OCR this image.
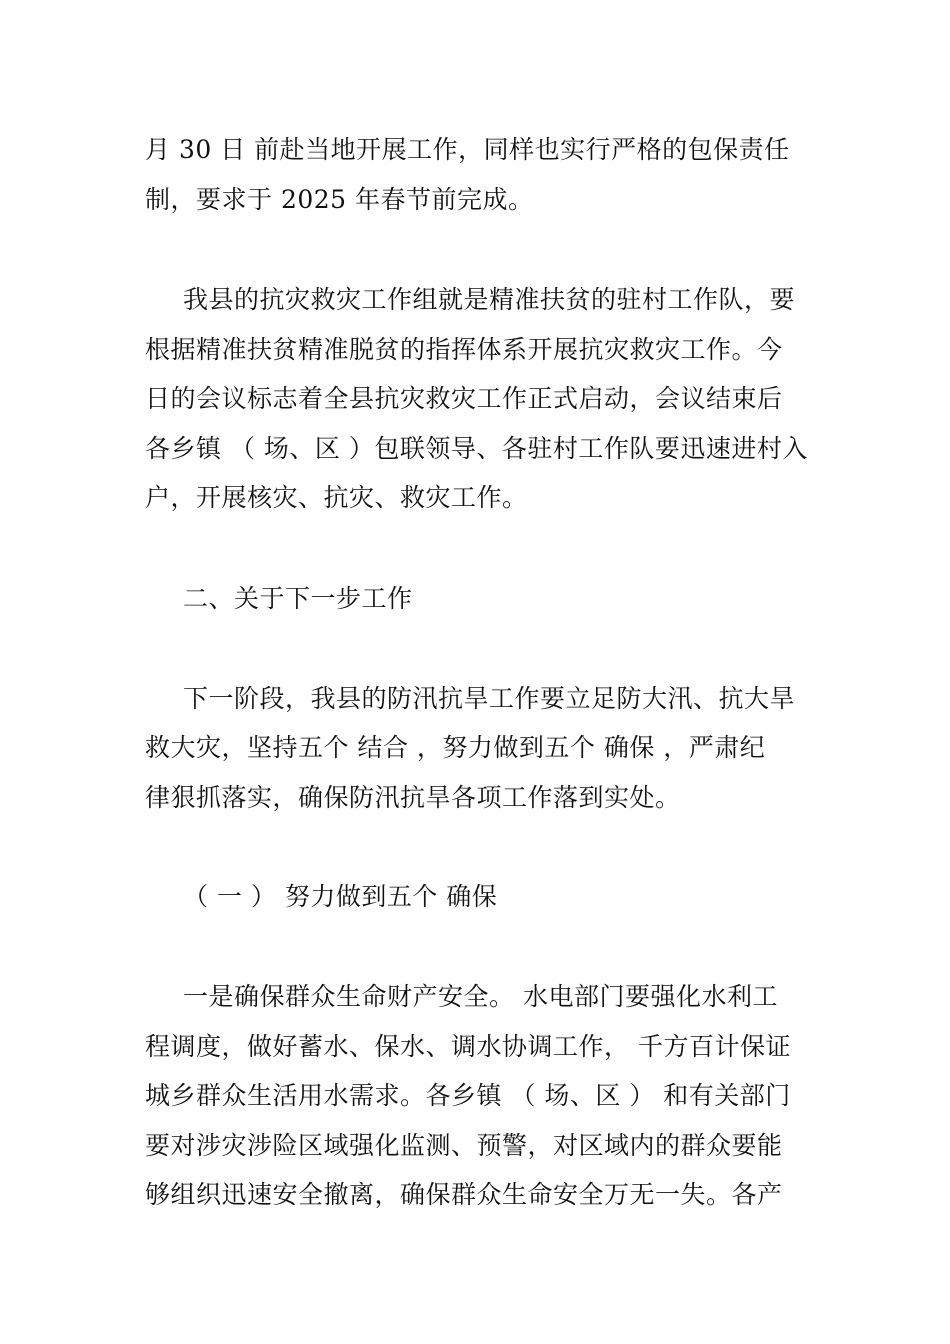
月 30 日 前赴当地开展工作，同样也实行严格的包保责任
制，要求于 2025 年春节前完成。
我县的抗灾救灾工作组就是精准扶贫的驻村工作队，要
根据精准扶贫精准脱贫的指挥体系开展抗灾救灾工作。今
日的会议标志着全县抗灾救灾工作正式启动，会议结束后
各乡镇 （ 场、区 ）包联领导、各驻村工作队要迅速进村入
户，开展核灾、抗灾、救灾工作。
二、关于下一步工作
下一阶段，我县的防汛抗旱工作要立足防大汛、抗大旱
救大灾，坚持五个 结合 ，努力做到五个 确保 ，严肃纪
律狠抓落实，确保防汛抗旱各项工作落到实处。
（ 一 ） 努力做到五个 确保
一是确保群众生命财产安全。 水电部门要强化水利工
程调度，做好蓄水、保水、调水协调工作， 千方百计保证
城乡群众生活用水需求。各乡镇 （ 场、区 ） 和有关部门
要对涉灾涉险区域强化监测、预警，对区域内的群众要能
够组织迅速安全撤离，确保群众生命安全万无一失。各产
